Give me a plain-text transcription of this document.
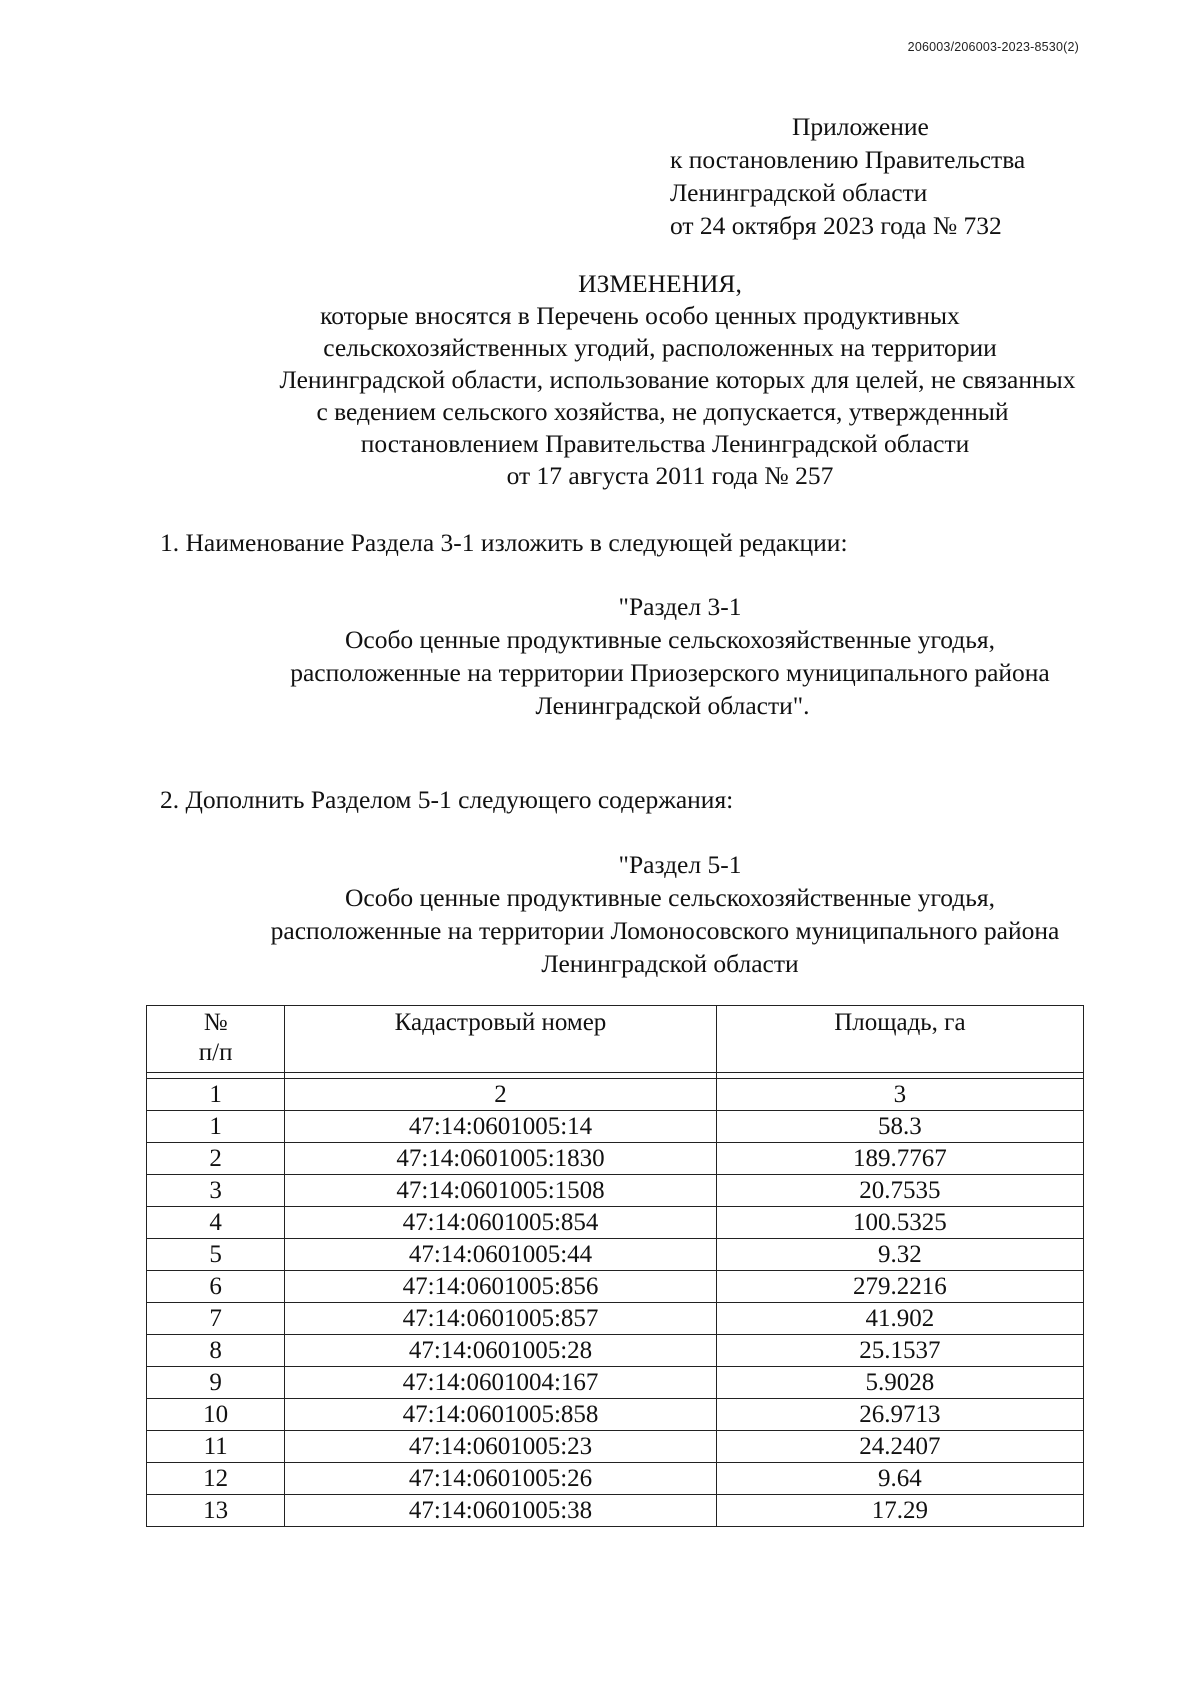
206003/206003-2023-8530(2)
Приложение
к постановлению Правительства
Ленинградской области
от 24 октября 2023 года № 732
ИЗМЕНЕНИЯ,
которые вносятся в Перечень особо ценных продуктивных
сельскохозяйственных угодий, расположенных на территории
Ленинградской области, использование которых для целей, не связанных
с ведением сельского хозяйства, не допускается, утвержденный
постановлением Правительства Ленинградской области
от 17 августа 2011 года № 257
1. Наименование Раздела 3-1 изложить в следующей редакции:
"Раздел 3-1
Особо ценные продуктивные сельскохозяйственные угодья,
расположенные на территории Приозерского муниципального района
Ленинградской области".
2. Дополнить Разделом 5-1 следующего содержания:
"Раздел 5-1
Особо ценные продуктивные сельскохозяйственные угодья,
расположенные на территории Ломоносовского муниципального района
Ленинградской области
№
п/п	Кадастровый номер	Площадь, га

1	2	3
1	47:14:0601005:14	58.3
2	47:14:0601005:1830	189.7767
3	47:14:0601005:1508	20.7535
4	47:14:0601005:854	100.5325
5	47:14:0601005:44	9.32
6	47:14:0601005:856	279.2216
7	47:14:0601005:857	41.902
8	47:14:0601005:28	25.1537
9	47:14:0601004:167	5.9028
10	47:14:0601005:858	26.9713
11	47:14:0601005:23	24.2407
12	47:14:0601005:26	9.64
13	47:14:0601005:38	17.29
